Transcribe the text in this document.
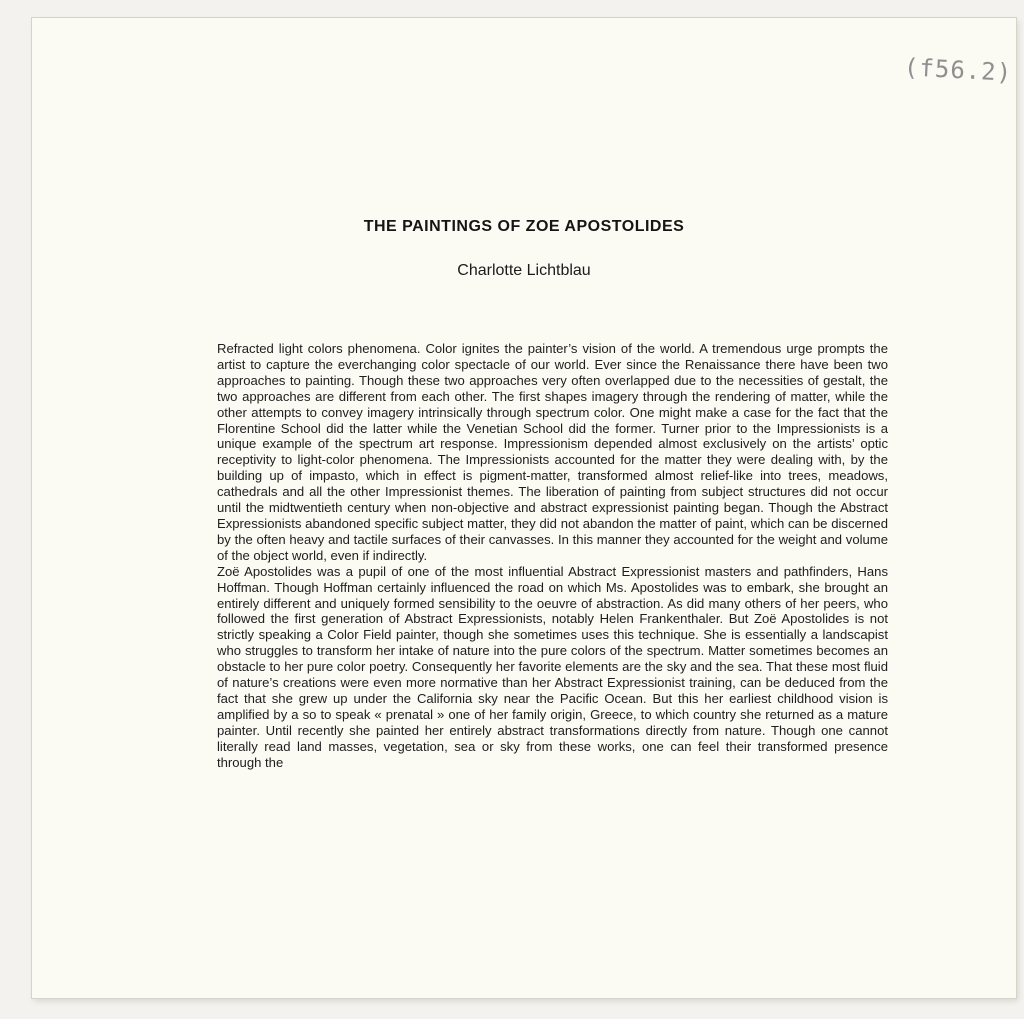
(f56.2)
THE PAINTINGS OF ZOE APOSTOLIDES
Charlotte Lichtblau

Refracted light colors phenomena. Color ignites the painter’s vision of the world. A tremendous urge prompts the artist to capture the everchanging color spectacle of our world. Ever since the Renaissance there have been two approaches to painting. Though these two approaches very often overlapped due to the necessities of gestalt, the two approaches are different from each other. The first shapes imagery through the rendering of matter, while the other attempts to convey imagery intrinsically through spectrum color. One might make a case for the fact that the Florentine School did the latter while the Venetian School did the former. Turner prior to the Impressionists is a unique example of the spectrum art response. Impressionism depended almost exclusively on the artists’ optic receptivity to light-color phenomena. The Impressionists accounted for the matter they were dealing with, by the building up of impasto, which in effect is pigment-matter, transformed almost relief-like into trees, meadows, cathedrals and all the other Impressionist themes. The liberation of painting from subject structures did not occur until the midtwentieth century when non-objective and abstract expressionist painting began. Though the Abstract Expressionists abandoned specific subject matter, they did not abandon the matter of paint, which can be discerned by the often heavy and tactile surfaces of their canvasses. In this manner they accounted for the weight and volume of the object world, even if indirectly.

Zoë Apostolides was a pupil of one of the most influential Abstract Expressionist masters and pathfinders, Hans Hoffman. Though Hoffman certainly influenced the road on which Ms. Apostolides was to embark, she brought an entirely different and uniquely formed sensibility to the oeuvre of abstraction. As did many others of her peers, who followed the first generation of Abstract Expressionists, notably Helen Frankenthaler. But Zoë Apostolides is not strictly speaking a Color Field painter, though she sometimes uses this technique. She is essentially a landscapist who struggles to transform her intake of nature into the pure colors of the spectrum. Matter sometimes becomes an obstacle to her pure color poetry. Consequently her favorite elements are the sky and the sea. That these most fluid of nature’s creations were even more normative than her Abstract Expressionist training, can be deduced from the fact that she grew up under the California sky near the Pacific Ocean. But this her earliest childhood vision is amplified by a so to speak « prenatal » one of her family origin, Greece, to which country she returned as a mature painter. Until recently she painted her entirely abstract transformations directly from nature. Though one cannot literally read land masses, vegetation, sea or sky from these works, one can feel their transformed presence through the
